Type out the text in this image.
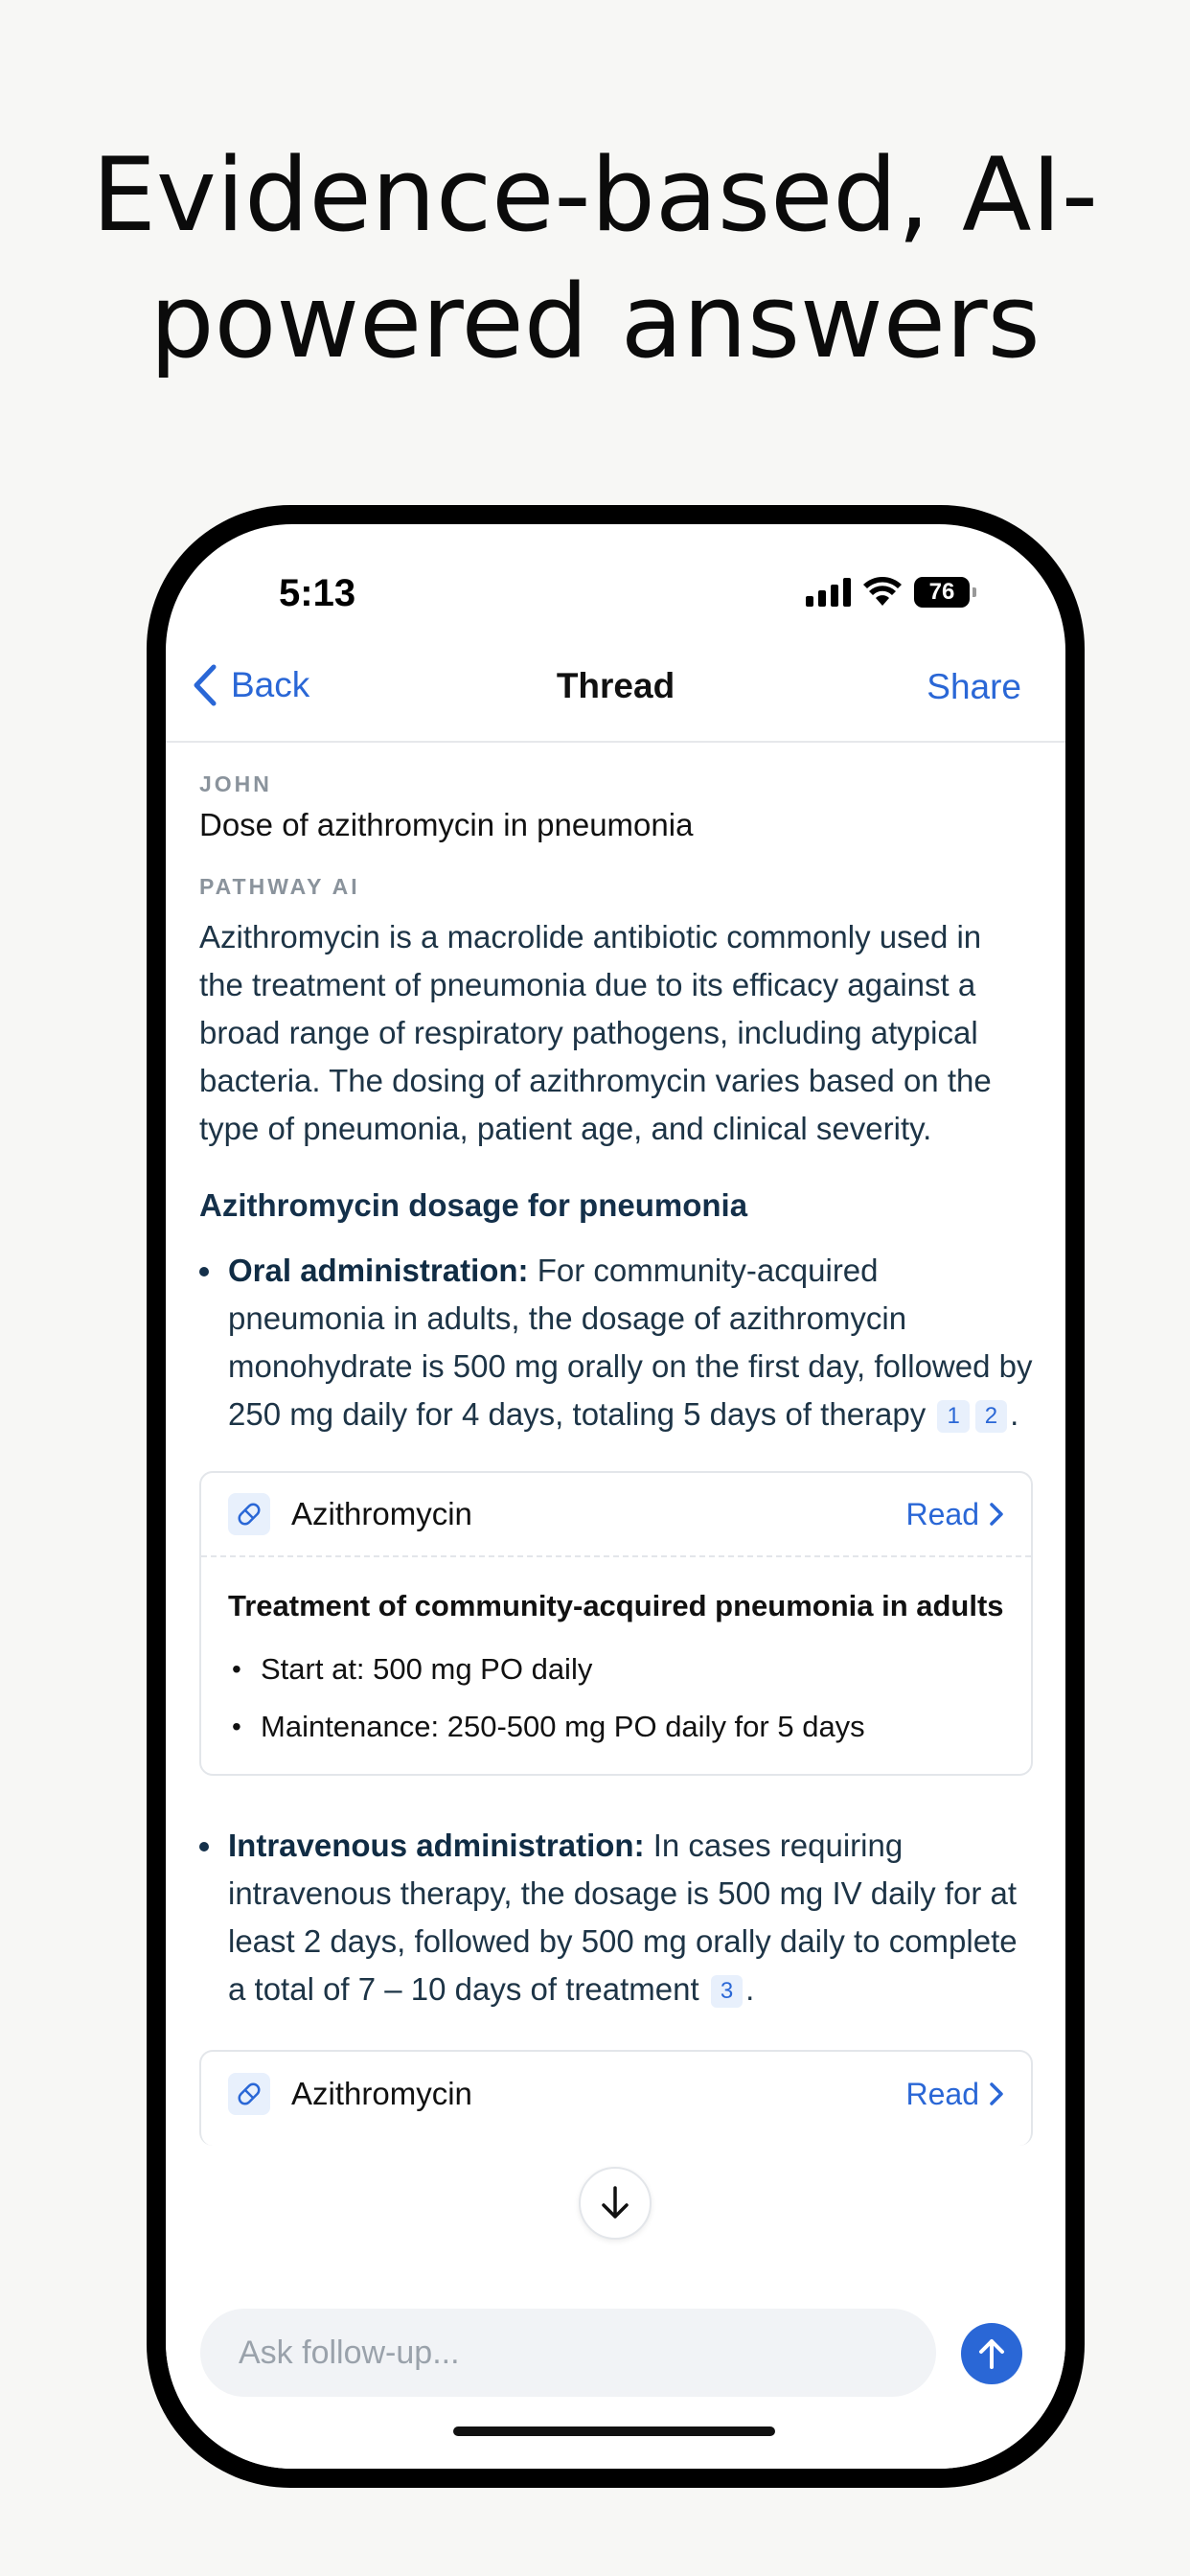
Evidence-based, AI-
powered answers
5:13	76
Back	Thread	Share
JOHN
Dose of azithromycin in pneumonia
PATHWAY AI
Azithromycin is a macrolide antibiotic commonly used in the treatment of pneumonia due to its efficacy against a broad range of respiratory pathogens, including atypical bacteria. The dosing of azithromycin varies based on the type of pneumonia, patient age, and clinical severity.
Azithromycin dosage for pneumonia
Oral administration: For community-acquired pneumonia in adults, the dosage of azithromycin monohydrate is 500 mg orally on the first day, followed by 250 mg daily for 4 days, totaling 5 days of therapy 1 2 .
Azithromycin	Read
Treatment of community-acquired pneumonia in adults
• Start at: 500 mg PO daily
• Maintenance: 250-500 mg PO daily for 5 days
Intravenous administration: In cases requiring intravenous therapy, the dosage is 500 mg IV daily for at least 2 days, followed by 500 mg orally daily to complete a total of 7 – 10 days of treatment 3 .
Azithromycin	Read
Ask follow-up...
